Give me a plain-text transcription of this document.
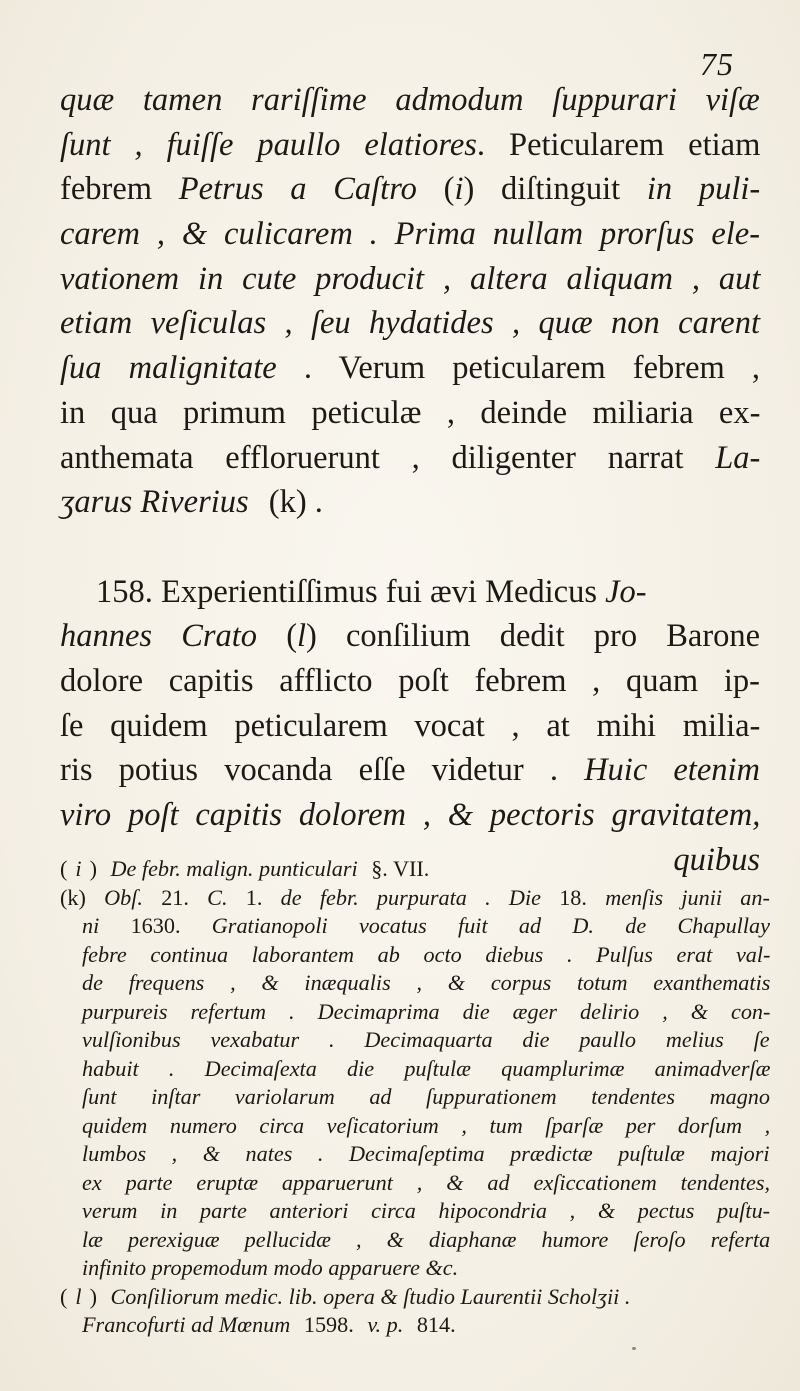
75
quæ tamen rariſſime admodum ſuppurari viſæ
ſunt , fuiſſe paullo elatiores. Peticularem etiam
febrem Petrus a Caſtro (i) diſtinguit in puli-
carem , & culicarem . Prima nullam prorſus ele-
vationem in cute producit , altera aliquam , aut
etiam veſiculas , ſeu hydatides , quæ non carent
ſua malignitate . Verum peticularem febrem ,
in qua primum peticulæ , deinde miliaria ex-
anthemata effloruerunt , diligenter narrat La-
ʒarus Riverius (k) .

158. Experientiſſimus fui ævi Medicus Jo-
hannes Crato (l) conſilium dedit pro Barone
dolore capitis afflicto poſt febrem , quam ip-
ſe quidem peticularem vocat , at mihi milia-
ris potius vocanda eſſe videtur . Huic etenim
viro poſt capitis dolorem , & pectoris gravitatem,
quibus
( i ) De febr. malign. punticulari §. VII.
(k) Obſ. 21. C. 1. de febr. purpurata . Die 18. menſis junii an-
ni 1630. Gratianopoli vocatus fuit ad D. de Chapullay
febre continua laborantem ab octo diebus . Pulſus erat val-
de frequens , & inæqualis , & corpus totum exanthematis
purpureis refertum . Decimaprima die æger delirio , & con-
vulſionibus vexabatur . Decimaquarta die paullo melius ſe
habuit . Decimaſexta die puſtulæ quamplurimæ animadverſæ
ſunt inſtar variolarum ad ſuppurationem tendentes magno
quidem numero circa veſicatorium , tum ſparſæ per dorſum ,
lumbos , & nates . Decimaſeptima prædictæ puſtulæ majori
ex parte eruptæ apparuerunt , & ad exſiccationem tendentes,
verum in parte anteriori circa hipocondria , & pectus puſtu-
læ perexiguæ pellucidæ , & diaphanæ humore ſeroſo referta
infinito propemodum modo apparuere &c.
( l ) Conſiliorum medic. lib. opera & ſtudio Laurentii Scholʒii .
Francofurti ad Mœnum 1598. v. p. 814.
